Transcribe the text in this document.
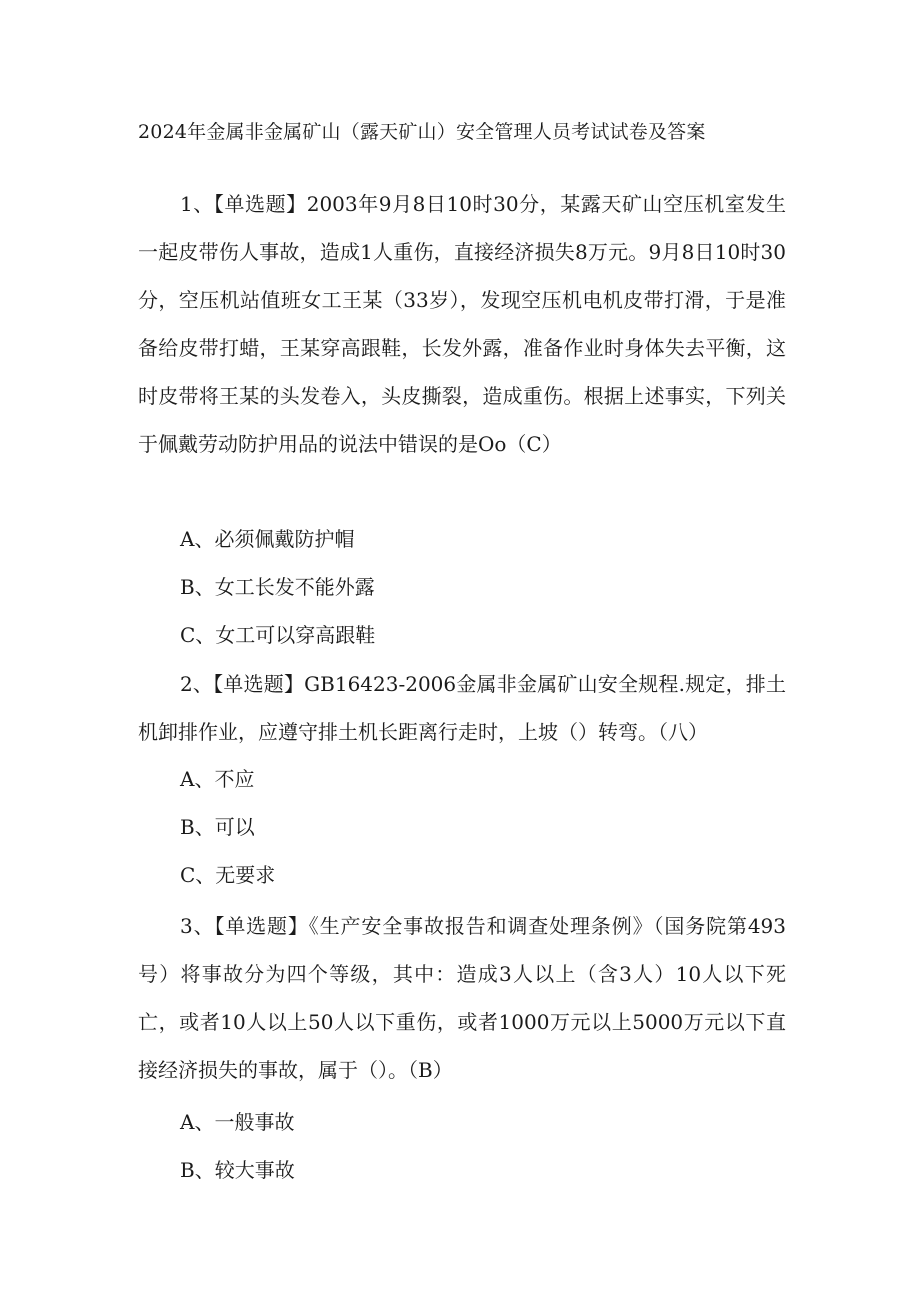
2024年金属非金属矿山（露天矿山）安全管理人员考试试卷及答案

1、【单选题】2003年9月8日10时30分，某露天矿山空压机室发生一起皮带伤人事故，造成1人重伤，直接经济损失8万元。9月8日10时30分，空压机站值班女工王某（33岁），发现空压机电机皮带打滑，于是准备给皮带打蜡，王某穿高跟鞋，长发外露，准备作业时身体失去平衡，这时皮带将王某的头发卷入，头皮撕裂，造成重伤。根据上述事实，下列关于佩戴劳动防护用品的说法中错误的是Oo（C）

A、必须佩戴防护帽
B、女工长发不能外露
C、女工可以穿高跟鞋

2、【单选题】GB16423-2006金属非金属矿山安全规程.规定，排土机卸排作业，应遵守排土机长距离行走时，上坡（）转弯。（八）

A、不应
B、可以
C、无要求

3、【单选题】《生产安全事故报告和调查处理条例》（国务院第493号）将事故分为四个等级，其中：造成3人以上（含3人）10人以下死亡，或者10人以上50人以下重伤，或者1000万元以上5000万元以下直接经济损失的事故，属于（）。（B）

A、一般事故
B、较大事故
